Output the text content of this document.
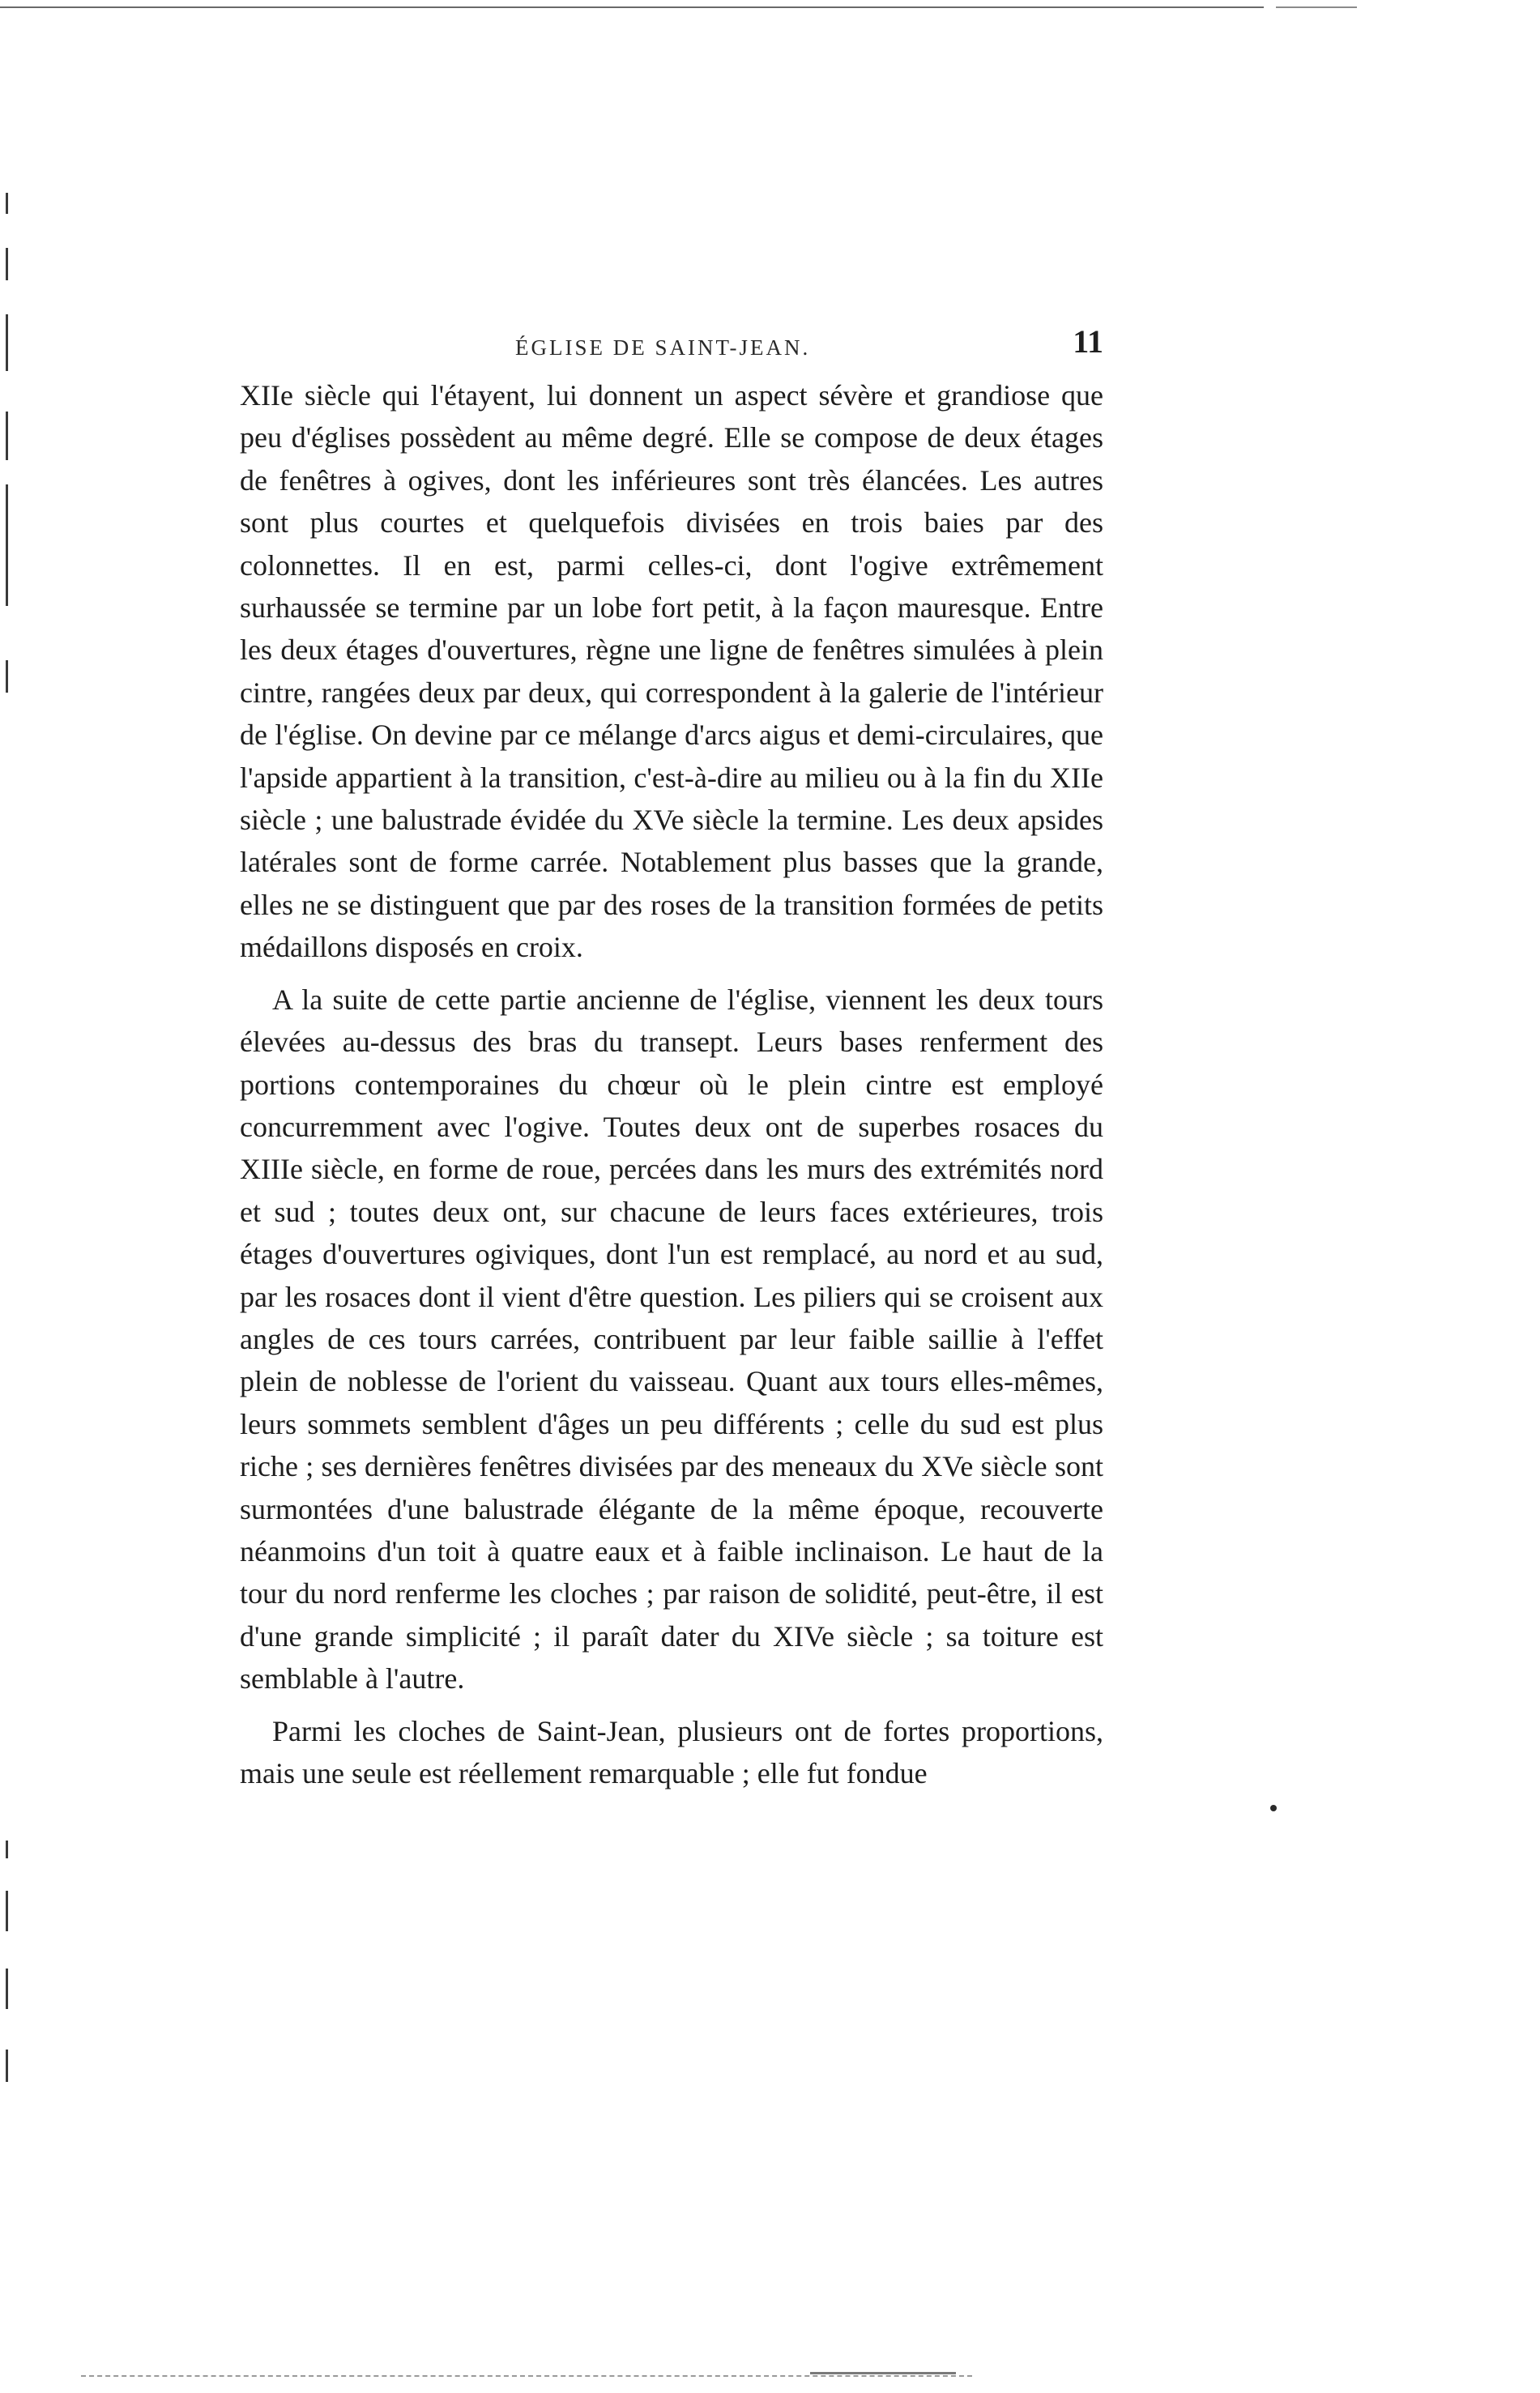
ÉGLISE DE SAINT-JEAN.	11

XIIe siècle qui l'étayent, lui donnent un aspect sévère et grandiose que peu d'églises possèdent au même degré. Elle se compose de deux étages de fenêtres à ogives, dont les inférieures sont très élancées. Les autres sont plus courtes et quelquefois divisées en trois baies par des colonnettes. Il en est, parmi celles-ci, dont l'ogive extrêmement surhaussée se termine par un lobe fort petit, à la façon mauresque. Entre les deux étages d'ouvertures, règne une ligne de fenêtres simulées à plein cintre, rangées deux par deux, qui correspondent à la galerie de l'intérieur de l'église. On devine par ce mélange d'arcs aigus et demi-circulaires, que l'apside appartient à la transition, c'est-à-dire au milieu ou à la fin du XIIe siècle ; une balustrade évidée du XVe siècle la termine. Les deux apsides latérales sont de forme carrée. Notablement plus basses que la grande, elles ne se distinguent que par des roses de la transition formées de petits médaillons disposés en croix.

A la suite de cette partie ancienne de l'église, viennent les deux tours élevées au-dessus des bras du transept. Leurs bases renferment des portions contemporaines du chœur où le plein cintre est employé concurremment avec l'ogive. Toutes deux ont de superbes rosaces du XIIIe siècle, en forme de roue, percées dans les murs des extrémités nord et sud ; toutes deux ont, sur chacune de leurs faces extérieures, trois étages d'ouvertures ogiviques, dont l'un est remplacé, au nord et au sud, par les rosaces dont il vient d'être question. Les piliers qui se croisent aux angles de ces tours carrées, contribuent par leur faible saillie à l'effet plein de noblesse de l'orient du vaisseau. Quant aux tours elles-mêmes, leurs sommets semblent d'âges un peu différents ; celle du sud est plus riche ; ses dernières fenêtres divisées par des meneaux du XVe siècle sont surmontées d'une balustrade élégante de la même époque, recouverte néanmoins d'un toit à quatre eaux et à faible inclinaison. Le haut de la tour du nord renferme les cloches ; par raison de solidité, peut-être, il est d'une grande simplicité ; il paraît dater du XIVe siècle ; sa toiture est semblable à l'autre.

Parmi les cloches de Saint-Jean, plusieurs ont de fortes proportions, mais une seule est réellement remarquable ; elle fut fondue
